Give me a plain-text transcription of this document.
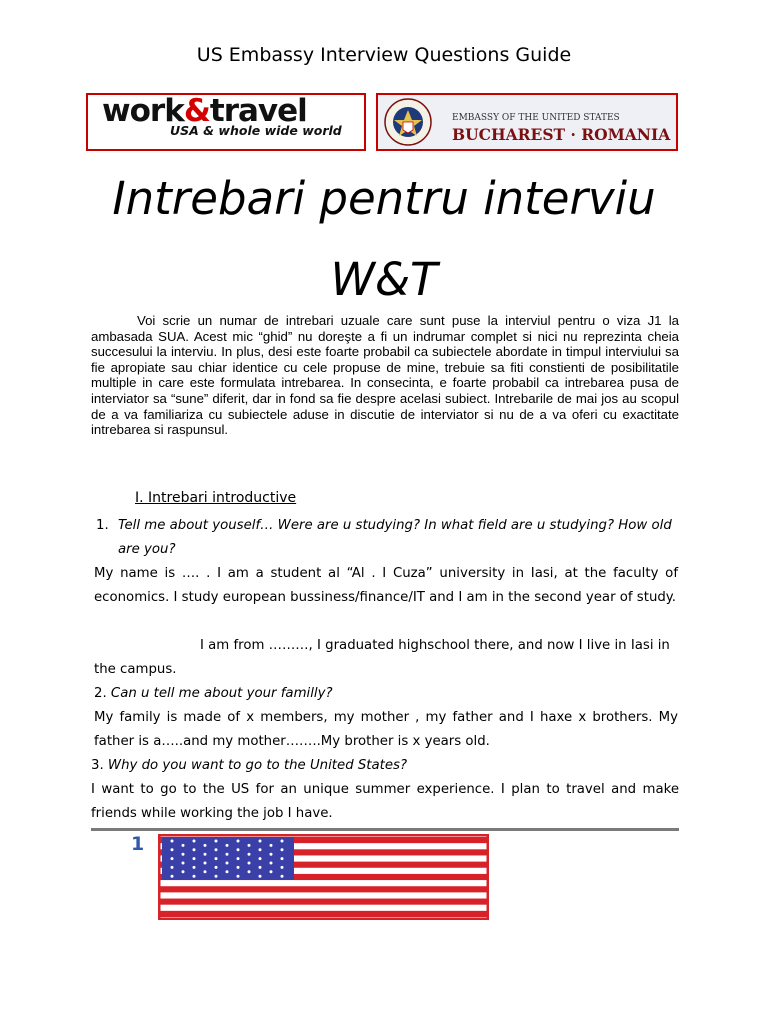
US Embassy Interview Questions Guide
work&travel
USA & whole wide world
EMBASSY OF THE UNITED STATES
BUCHAREST · ROMANIA
Intrebari pentru interviu
W&T
Voi scrie un numar de intrebari uzuale care sunt puse la interviul pentru o viza J1 la ambasada SUA. Acest mic “ghid” nu doreşte a fi un indrumar complet si nici nu reprezinta cheia succesului la interviu. In plus, desi este foarte probabil ca subiectele abordate in timpul interviului sa fie apropiate sau chiar identice cu cele propuse de mine, trebuie sa fiti constienti de posibilitatile multiple in care este formulata intrebarea. In consecinta, e foarte probabil ca intrebarea pusa de interviator sa “sune” diferit, dar in fond sa fie despre acelasi subiect. Intrebarile de mai jos au scopul de a va familiariza cu subiectele aduse in discutie de interviator si nu de a va oferi cu exactitate intrebarea si raspunsul.
I. Intrebari introductive
1. Tell me about youself… Were are u studying? In what field are u studying? How old are you?
My name is …. . I am a student al “Al . I Cuza” university in Iasi, at the faculty of economics. I study european bussiness/finance/IT and I am in the second year of study.
I am from ………, I graduated highschool there, and now I live in Iasi in the campus.
2. Can u tell me about your familly?
My family is made of x members, my mother , my father and I haxe x brothers. My father is a…..and my mother……..My brother is x years old.
3. Why do you want to go to the United States?
I want to go to the US for an unique summer experience. I plan to travel and make friends while working the job I have.
1
